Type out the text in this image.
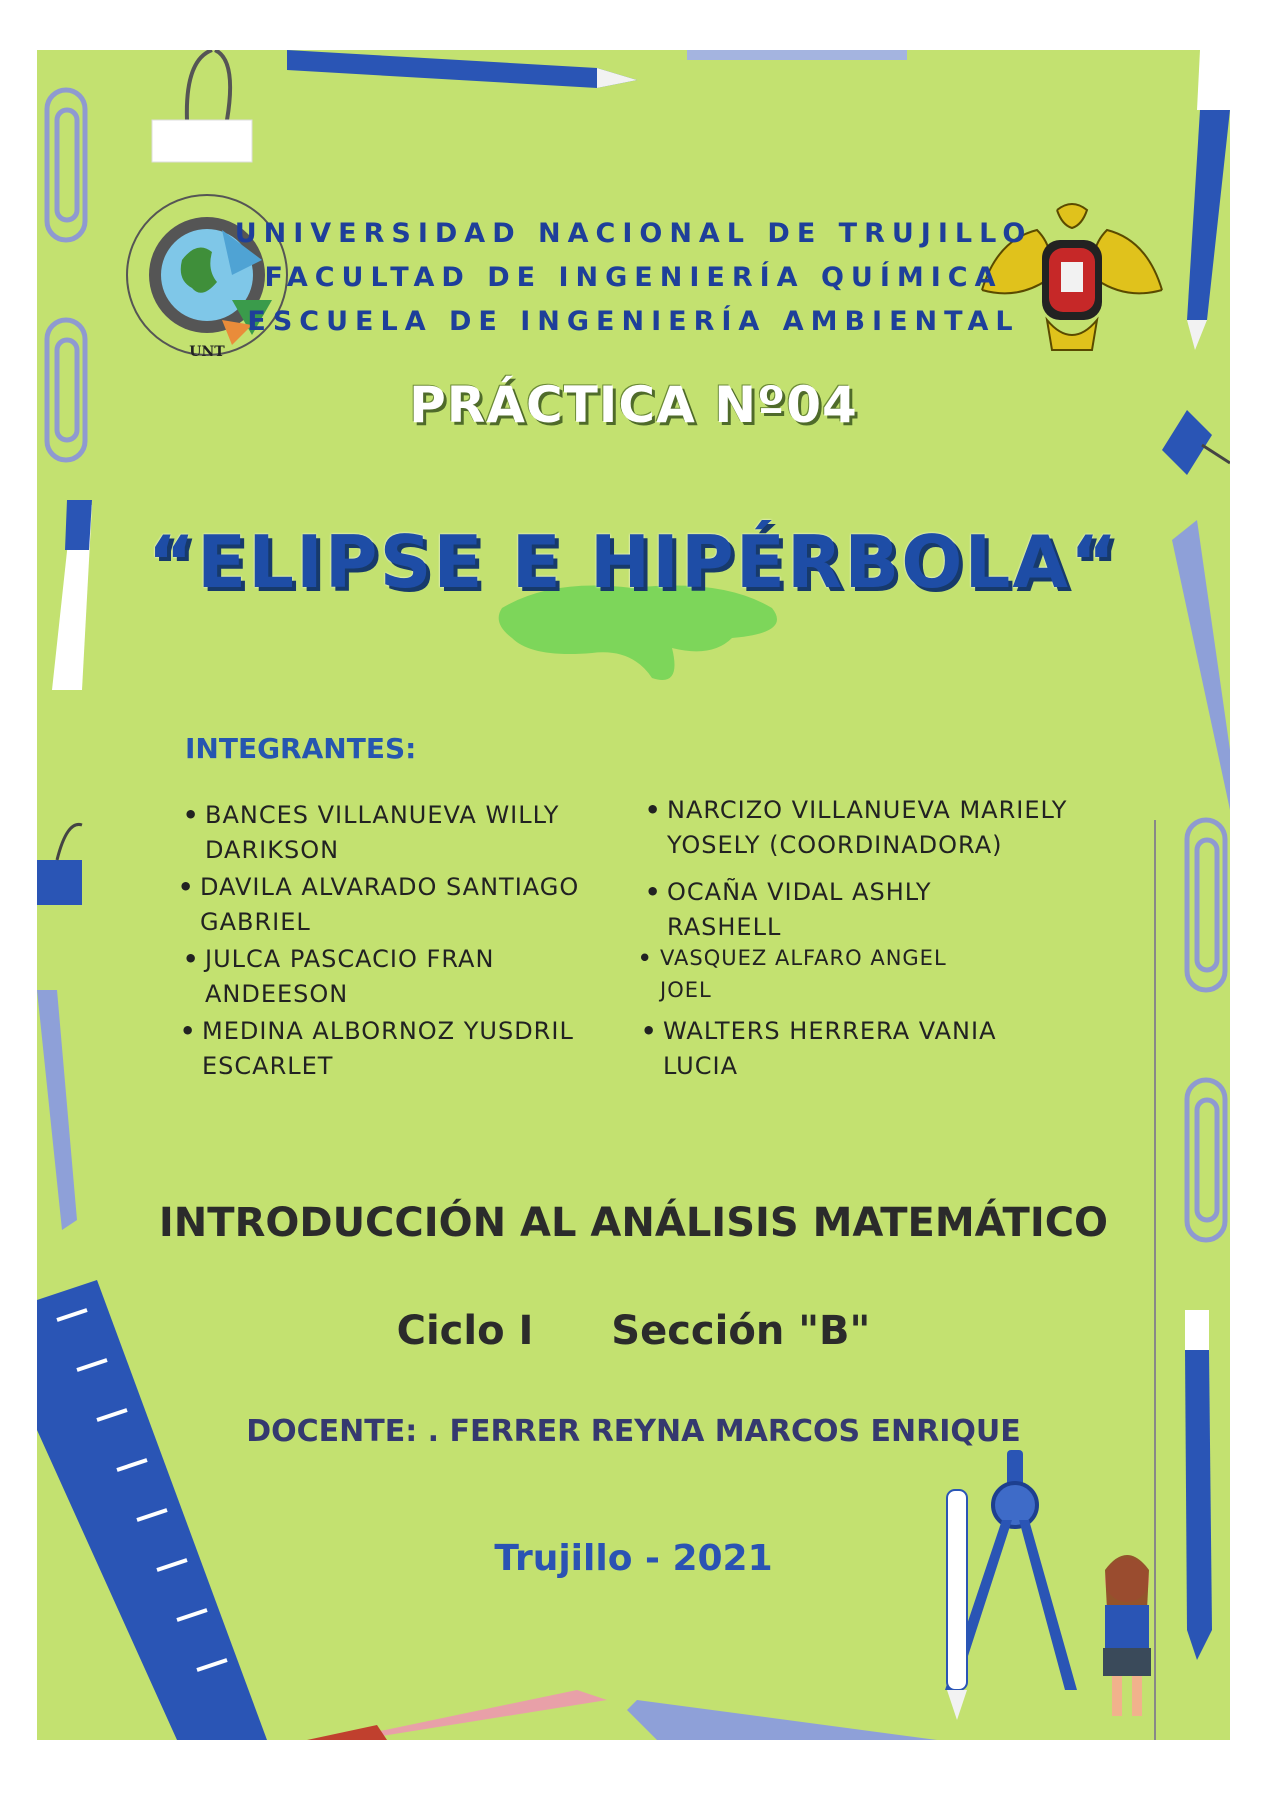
UNT
UNIVERSIDAD NACIONAL DE TRUJILLO
FACULTAD DE INGENIERÍA QUÍMICA
ESCUELA DE INGENIERÍA AMBIENTAL
PRÁCTICA Nº04
“ELIPSE E HIPÉRBOLA“
INTEGRANTES:
• BANCES VILLANUEVA WILLY
DARIKSON
• DAVILA ALVARADO SANTIAGO
GABRIEL
• JULCA PASCACIO FRAN
ANDEESON
• MEDINA ALBORNOZ YUSDRIL
ESCARLET
• NARCIZO VILLANUEVA MARIELY
YOSELY (COORDINADORA)
• OCAÑA VIDAL ASHLY
RASHELL
• VASQUEZ ALFARO ANGEL
JOEL
• WALTERS HERRERA VANIA
LUCIA
INTRODUCCIÓN AL ANÁLISIS MATEMÁTICO
Ciclo I Sección "B"
DOCENTE: . FERRER REYNA MARCOS ENRIQUE
Trujillo - 2021
